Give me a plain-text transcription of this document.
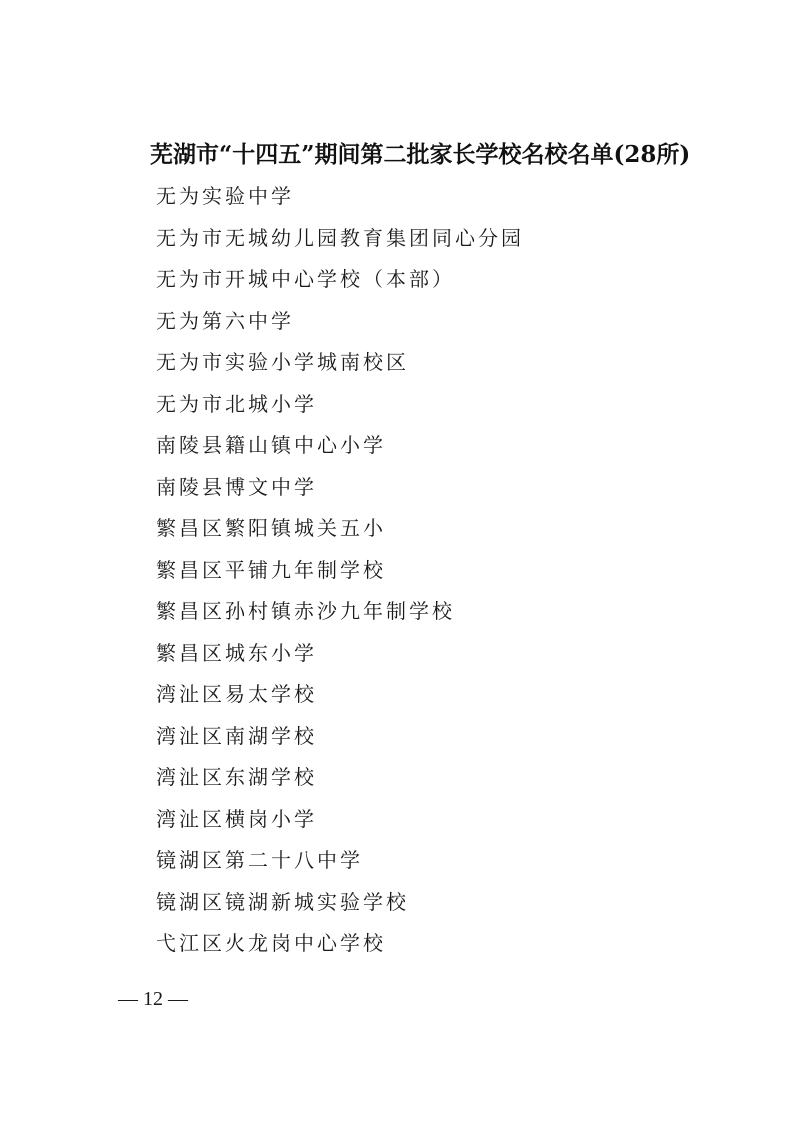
芜湖市“十四五”期间第二批家长学校名校名单(28所)
无为实验中学
无为市无城幼儿园教育集团同心分园
无为市开城中心学校（本部）
无为第六中学
无为市实验小学城南校区
无为市北城小学
南陵县籍山镇中心小学
南陵县博文中学
繁昌区繁阳镇城关五小
繁昌区平铺九年制学校
繁昌区孙村镇赤沙九年制学校
繁昌区城东小学
湾沚区易太学校
湾沚区南湖学校
湾沚区东湖学校
湾沚区横岗小学
镜湖区第二十八中学
镜湖区镜湖新城实验学校
弋江区火龙岗中心学校
— 12 —
